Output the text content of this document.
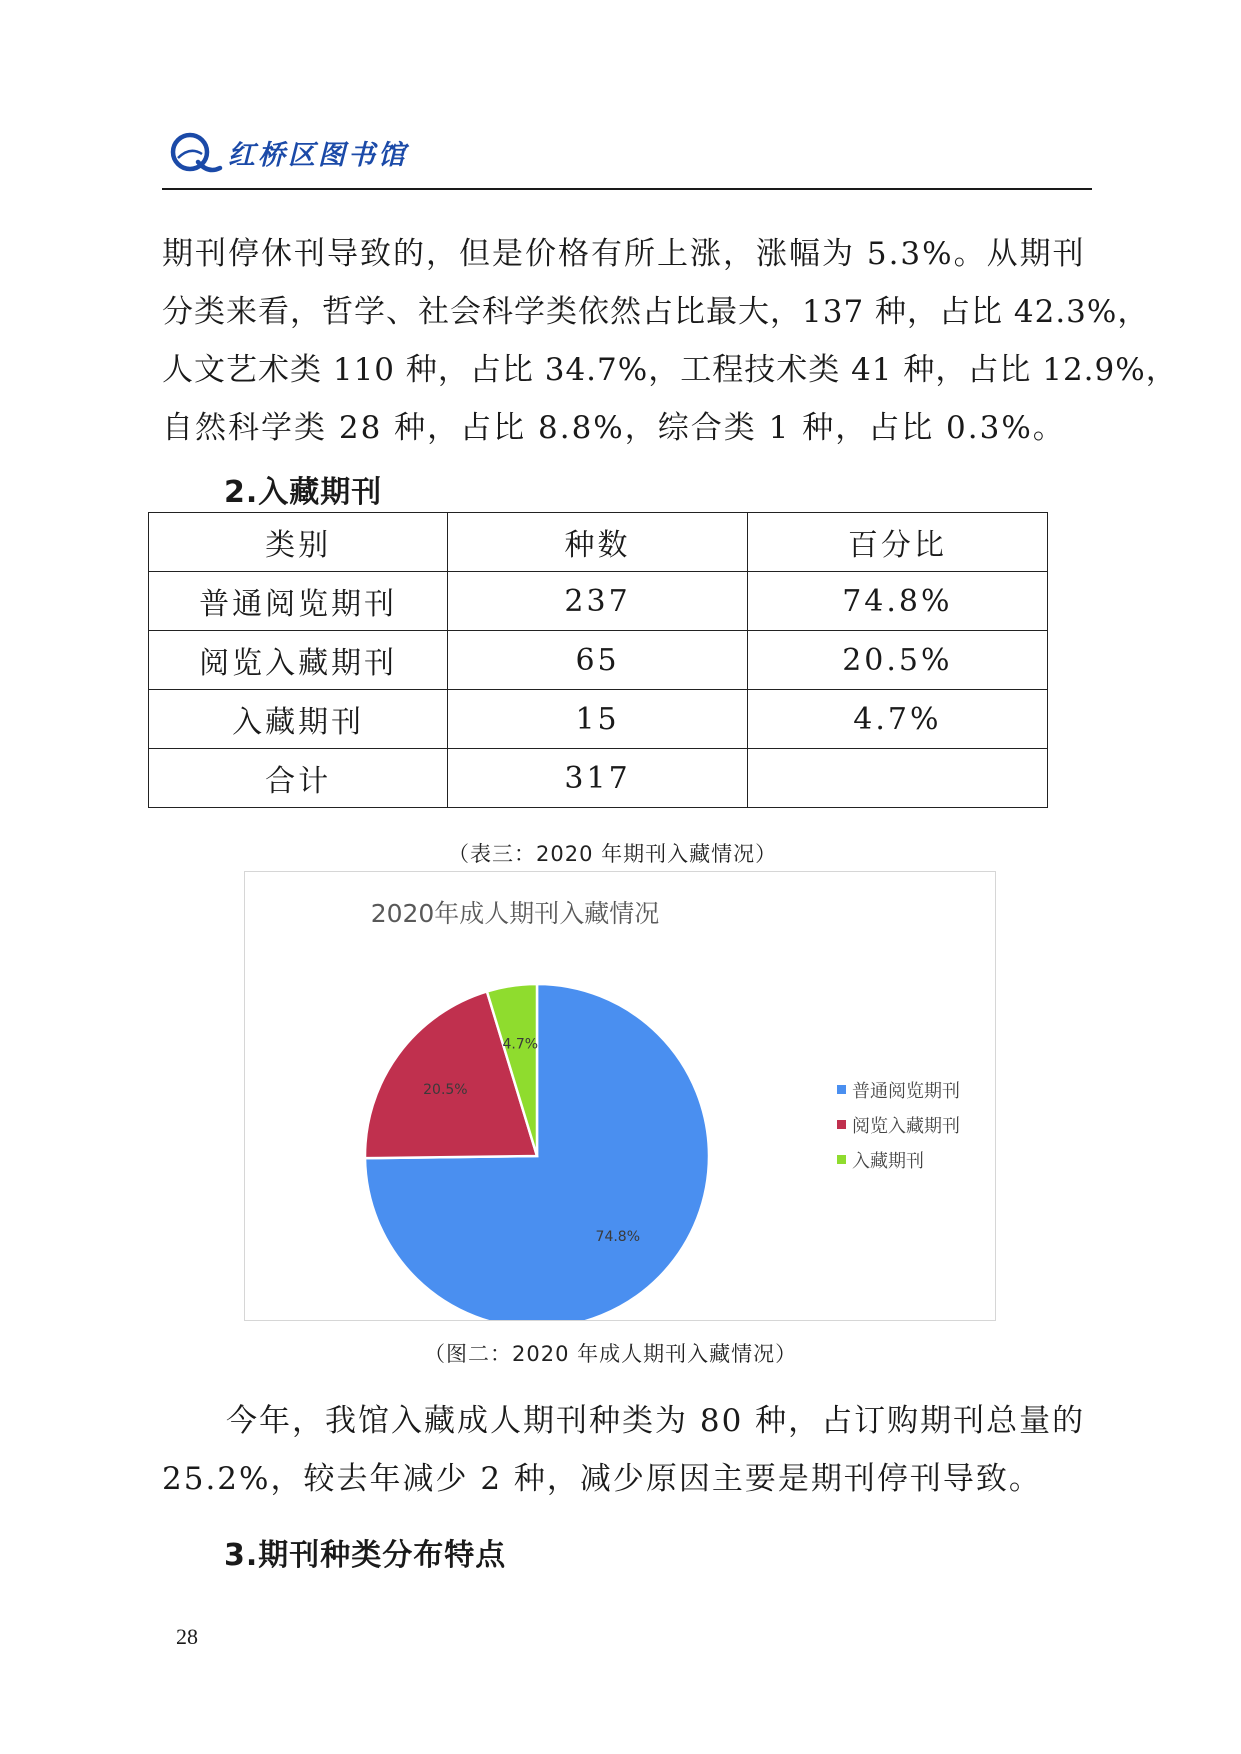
红桥区图书馆
期刊停休刊导致的，但是价格有所上涨，涨幅为 5.3%。从期刊
分类来看，哲学、社会科学类依然占比最大，137 种，占比 42.3%，
人文艺术类 110 种，占比 34.7%，工程技术类 41 种，占比 12.9%，
自然科学类 28 种，占比 8.8%，综合类 1 种，占比 0.3%。
2.入藏期刊
类别	种数	百分比
普通阅览期刊	237	74.8%
阅览入藏期刊	65	20.5%
入藏期刊	15	4.7%
合计	317	
（表三：2020 年期刊入藏情况）
2020年成人期刊入藏情况
74.8%
20.5%
4.7%
普通阅览期刊
阅览入藏期刊
入藏期刊
（图二：2020 年成人期刊入藏情况）
今年，我馆入藏成人期刊种类为 80 种，占订购期刊总量的
25.2%，较去年减少 2 种，减少原因主要是期刊停刊导致。
3.期刊种类分布特点
28
